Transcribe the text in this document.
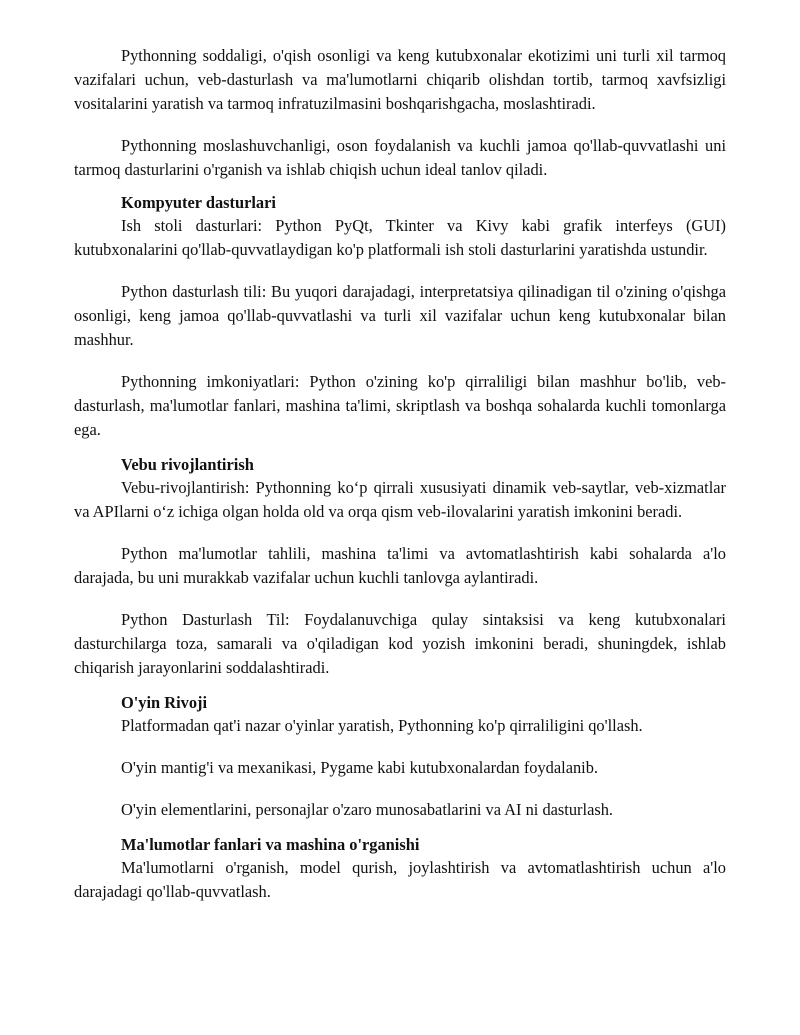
Pythonning soddaligi, o'qish osonligi va keng kutubxonalar ekotizimi uni turli xil tarmoq vazifalari uchun, veb-dasturlash va ma'lumotlarni chiqarib olishdan tortib, tarmoq xavfsizligi vositalarini yaratish va tarmoq infratuzilmasini boshqarishgacha, moslashtiradi.

Pythonning moslashuvchanligi, oson foydalanish va kuchli jamoa qo'llab-quvvatlashi uni tarmoq dasturlarini o'rganish va ishlab chiqish uchun ideal tanlov qiladi.

Kompyuter dasturlari

Ish stoli dasturlari: Python PyQt, Tkinter va Kivy kabi grafik interfeys (GUI) kutubxonalarini qo'llab-quvvatlaydigan ko'p platformali ish stoli dasturlarini yaratishda ustundir.

Python dasturlash tili: Bu yuqori darajadagi, interpretatsiya qilinadigan til o'zining o'qishga osonligi, keng jamoa qo'llab-quvvatlashi va turli xil vazifalar uchun keng kutubxonalar bilan mashhur.

Pythonning imkoniyatlari: Python o'zining ko'p qirraliligi bilan mashhur bo'lib, veb-dasturlash, ma'lumotlar fanlari, mashina ta'limi, skriptlash va boshqa sohalarda kuchli tomonlarga ega.

Vebu rivojlantirish

Vebu-rivojlantirish: Pythonning koʻp qirrali xususiyati dinamik veb-saytlar, veb-xizmatlar va APIlarni oʻz ichiga olgan holda old va orqa qism veb-ilovalarini yaratish imkonini beradi.

Python ma'lumotlar tahlili, mashina ta'limi va avtomatlashtirish kabi sohalarda a'lo darajada, bu uni murakkab vazifalar uchun kuchli tanlovga aylantiradi.

Python Dasturlash Til: Foydalanuvchiga qulay sintaksisi va keng kutubxonalari dasturchilarga toza, samarali va o'qiladigan kod yozish imkonini beradi, shuningdek, ishlab chiqarish jarayonlarini soddalashtiradi.

O'yin Rivoji

Platformadan qat'i nazar o'yinlar yaratish, Pythonning ko'p qirraliligini qo'llash.

O'yin mantig'i va mexanikasi, Pygame kabi kutubxonalardan foydalanib.

O'yin elementlarini, personajlar o'zaro munosabatlarini va AI ni dasturlash.

Ma'lumotlar fanlari va mashina o'rganishi

Ma'lumotlarni o'rganish, model qurish, joylashtirish va avtomatlashtirish uchun a'lo darajadagi qo'llab-quvvatlash.
